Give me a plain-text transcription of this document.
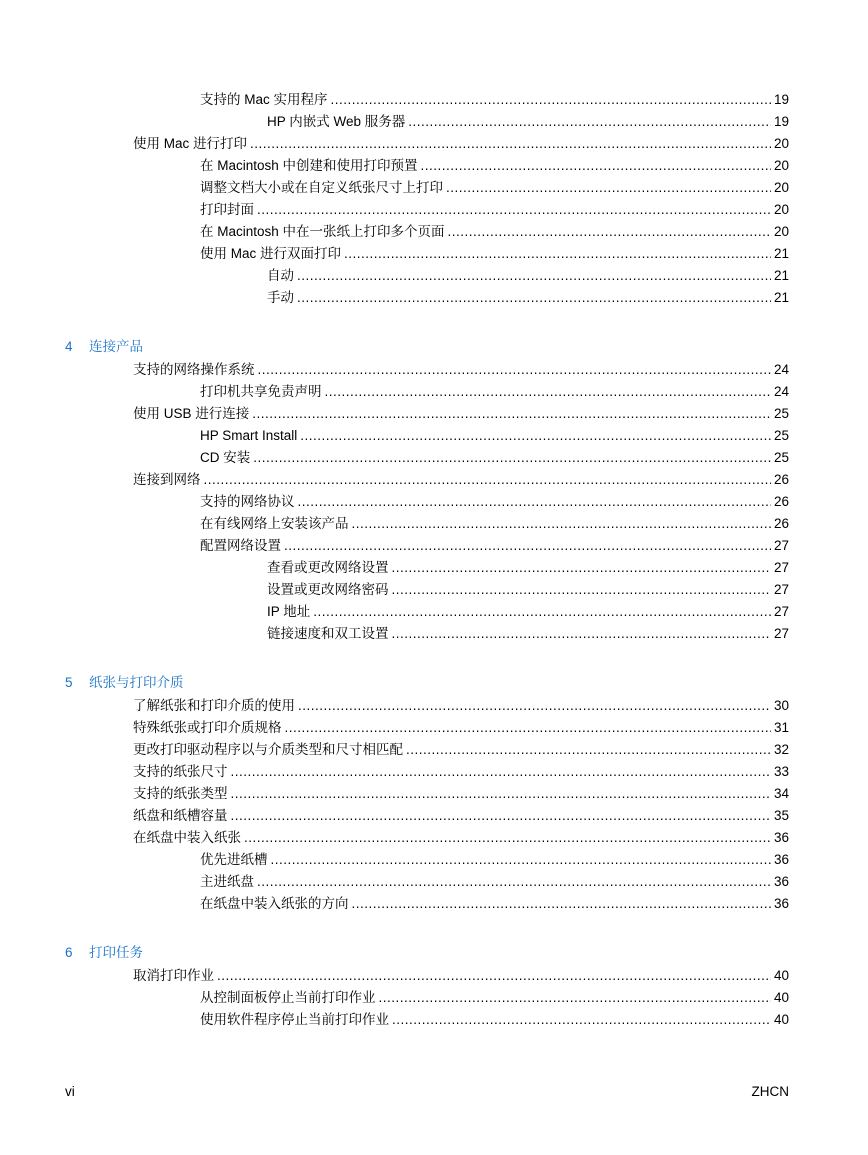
支持的 Mac 实用程序 .....	19
HP 内嵌式 Web 服务器 .....	19
使用 Mac 进行打印 .....	20
在 Macintosh 中创建和使用打印预置 .....	20
调整文档大小或在自定义纸张尺寸上打印 .....	20
打印封面 .....	20
在 Macintosh 中在一张纸上打印多个页面 .....	20
使用 Mac 进行双面打印 .....	21
自动 .....	21
手动 .....	21
4	连接产品
支持的网络操作系统 .....	24
打印机共享免责声明 .....	24
使用 USB 进行连接 .....	25
HP Smart Install .....	25
CD 安装 .....	25
连接到网络 .....	26
支持的网络协议 .....	26
在有线网络上安装该产品 .....	26
配置网络设置 .....	27
查看或更改网络设置 .....	27
设置或更改网络密码 .....	27
IP 地址 .....	27
链接速度和双工设置 .....	27
5	纸张与打印介质
了解纸张和打印介质的使用 .....	30
特殊纸张或打印介质规格 .....	31
更改打印驱动程序以与介质类型和尺寸相匹配 .....	32
支持的纸张尺寸 .....	33
支持的纸张类型 .....	34
纸盘和纸槽容量 .....	35
在纸盘中装入纸张 .....	36
优先进纸槽 .....	36
主进纸盘 .....	36
在纸盘中装入纸张的方向 .....	36
6	打印任务
取消打印作业 .....	40
从控制面板停止当前打印作业 .....	40
使用软件程序停止当前打印作业 .....	40
vi	ZHCN
